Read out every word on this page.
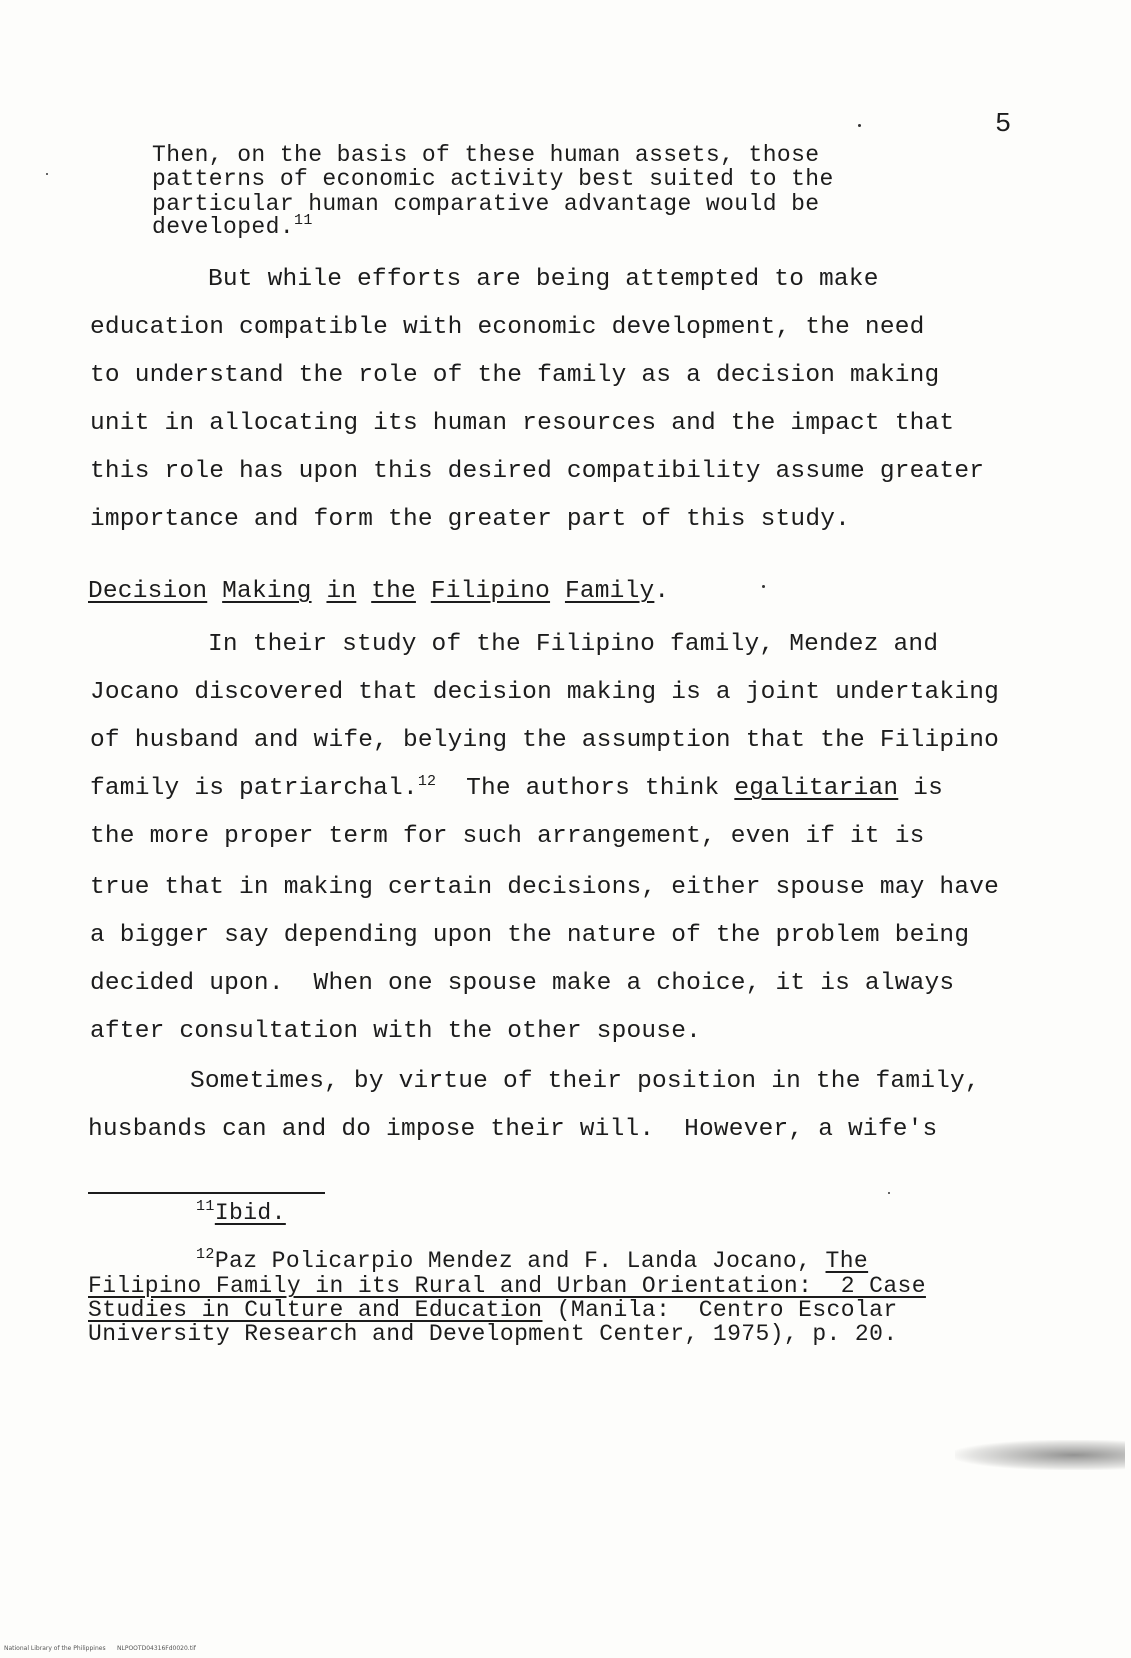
5
Then, on the basis of these human assets, those
patterns of economic activity best suited to the
particular human comparative advantage would be
developed.$^{11}$
But while efforts are being attempted to make
education compatible with economic development, the need
to understand the role of the family as a decision making
unit in allocating its human resources and the impact that
this role has upon this desired compatibility assume greater
importance and form the greater part of this study.
Decision Making in the Filipino Family.
In their study of the Filipino family, Mendez and
Jocano discovered that decision making is a joint undertaking
of husband and wife, belying the assumption that the Filipino
family is patriarchal.$^{12}$  The authors think egalitarian is
the more proper term for such arrangement, even if it is
true that in making certain decisions, either spouse may have
a bigger say depending upon the nature of the problem being
decided upon.  When one spouse make a choice, it is always
after consultation with the other spouse.
Sometimes, by virtue of their position in the family,
husbands can and do impose their will.  However, a wife's
$^{11}$Ibid.
$^{12}$Paz Policarpio Mendez and F. Landa Jocano, The
Filipino Family in its Rural and Urban Orientation:  2 Case
Studies in Culture and Education (Manila:  Centro Escolar
University Research and Development Center, 1975), p. 20.
National Library of the Philippines      NLPOOTD04316Fd0020.tif
